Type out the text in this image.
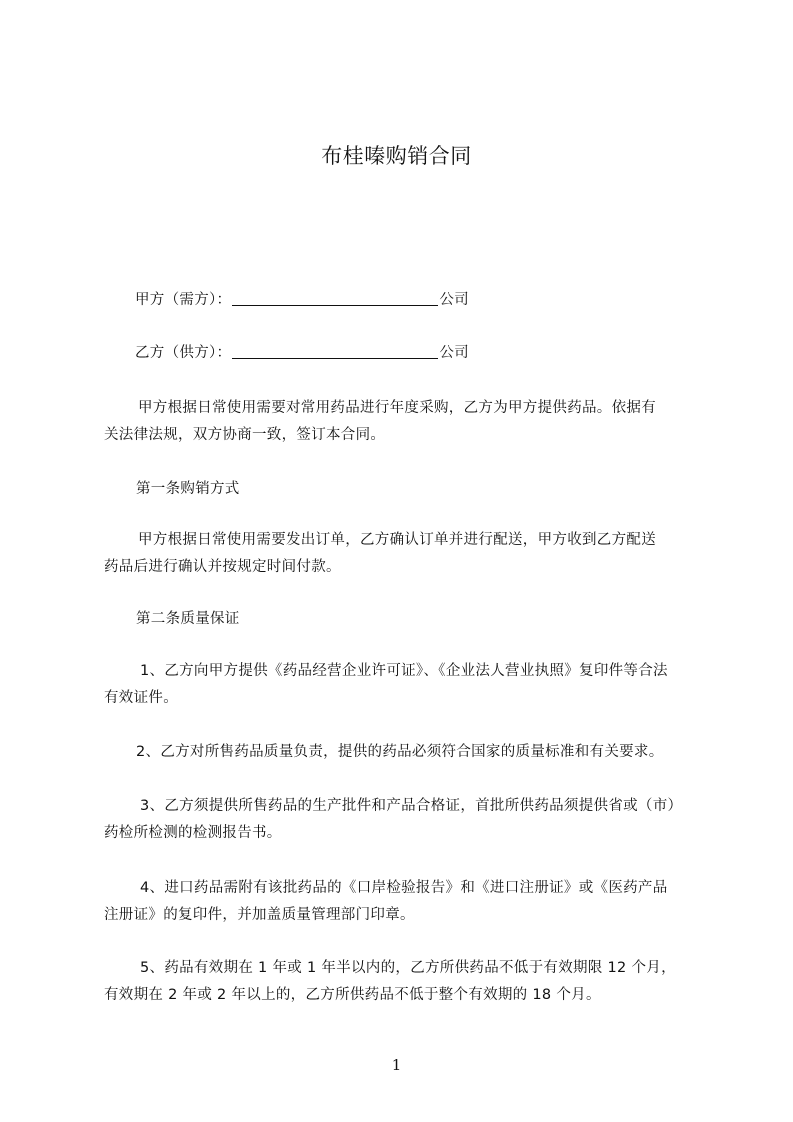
布桂嗪购销合同
甲方（需方）：	公司
乙方（供方）：	公司
甲方根据日常使用需要对常用药品进行年度采购，乙方为甲方提供药品。依据有
关法律法规，双方协商一致，签订本合同。
第一条购销方式
甲方根据日常使用需要发出订单，乙方确认订单并进行配送，甲方收到乙方配送
药品后进行确认并按规定时间付款。
第二条质量保证
1、乙方向甲方提供《药品经营企业许可证》、《企业法人营业执照》复印件等合法
有效证件。
2、乙方对所售药品质量负责，提供的药品必须符合国家的质量标准和有关要求。
3、乙方须提供所售药品的生产批件和产品合格证，首批所供药品须提供省或（市）
药检所检测的检测报告书。
4、进口药品需附有该批药品的《口岸检验报告》和《进口注册证》或《医药产品
注册证》的复印件，并加盖质量管理部门印章。
5、药品有效期在 1 年或 1 年半以内的，乙方所供药品不低于有效期限 12 个月，
有效期在 2 年或 2 年以上的，乙方所供药品不低于整个有效期的 18 个月。
1
